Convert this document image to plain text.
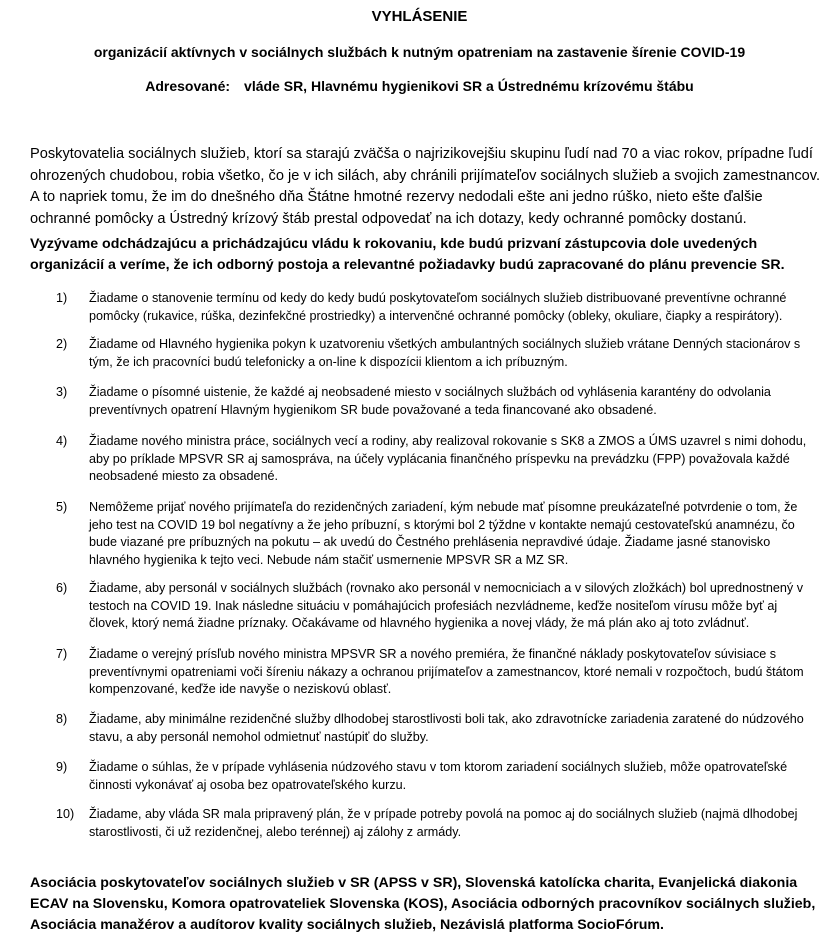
VYHLÁSENIE
organizácií aktívnych v sociálnych službách k nutným opatreniam na zastavenie šírenie COVID-19
Adresované: vláde SR, Hlavnému hygienikovi SR a Ústrednému krízovému štábu
Poskytovatelia sociálnych služieb, ktorí sa starajú zväčša o najrizikovejšiu skupinu ľudí nad 70 a viac rokov, prípadne ľudí ohrozených chudobou, robia všetko, čo je v ich silách, aby chránili prijímateľov sociálnych služieb a svojich zamestnancov. A to napriek tomu, že im do dnešného dňa Štátne hmotné rezervy nedodali ešte ani jedno rúško, nieto ešte ďalšie ochranné pomôcky a Ústredný krízový štáb prestal odpovedať na ich dotazy, kedy ochranné pomôcky dostanú.
Vyzývame odchádzajúcu a prichádzajúcu vládu k rokovaniu, kde budú prizvaní zástupcovia dole uvedených organizácií a veríme, že ich odborný postoja a relevantné požiadavky budú zapracované do plánu prevencie SR.
1)	Žiadame o stanovenie termínu od kedy do kedy budú poskytovateľom sociálnych služieb distribuované preventívne ochranné pomôcky (rukavice, rúška, dezinfekčné prostriedky) a intervenčné ochranné pomôcky (obleky, okuliare, čiapky a respirátory).
2)	Žiadame od Hlavného hygienika pokyn k uzatvoreniu všetkých ambulantných sociálnych služieb vrátane Denných stacionárov s tým, že ich pracovníci budú telefonicky a on-line k dispozícii klientom a ich príbuzným.
3)	Žiadame o písomné uistenie, že každé aj neobsadené miesto v sociálnych službách od vyhlásenia karantény do odvolania preventívnych opatrení Hlavným hygienikom SR bude považované a teda financované ako obsadené.
4)	Žiadame nového ministra práce, sociálnych vecí a rodiny, aby realizoval rokovanie s SK8 a ZMOS a ÚMS uzavrel s nimi dohodu, aby po príklade MPSVR SR aj samospráva, na účely vyplácania finančného príspevku na prevádzku (FPP) považovala každé neobsadené miesto za obsadené.
5)	Nemôžeme prijať nového prijímateľa do rezidenčných zariadení, kým nebude mať písomne preukázateľné potvrdenie o tom, že jeho test na COVID 19 bol negatívny a že jeho príbuzní, s ktorými bol 2 týždne v kontakte nemajú cestovateľskú anamnézu, čo bude viazané pre príbuzných na pokutu – ak uvedú do Čestného prehlásenia nepravdivé údaje. Žiadame jasné stanovisko hlavného hygienika k tejto veci. Nebude nám stačiť usmernenie MPSVR SR a MZ SR.
6)	Žiadame, aby personál v sociálnych službách (rovnako ako personál v nemocniciach a v silových zložkách) bol uprednostnený v testoch na COVID 19. Inak následne situáciu v pomáhajúcich profesiách nezvládneme, keďže nositeľom vírusu môže byť aj človek, ktorý nemá žiadne príznaky. Očakávame od hlavného hygienika a novej vlády, že má plán ako aj toto zvládnuť.
7)	Žiadame o verejný prísľub nového ministra MPSVR SR a nového premiéra, že finančné náklady poskytovateľov súvisiace s preventívnymi opatreniami voči šíreniu nákazy a ochranou prijímateľov a zamestnancov, ktoré nemali v rozpočtoch, budú štátom kompenzované, keďže ide navyše o neziskovú oblasť.
8)	Žiadame, aby minimálne rezidenčné služby dlhodobej starostlivosti boli tak, ako zdravotnícke zariadenia zaratené do núdzového stavu, a aby personál nemohol odmietnuť nastúpiť do služby.
9)	Žiadame o súhlas, že v prípade vyhlásenia núdzového stavu v tom ktorom zariadení sociálnych služieb, môže opatrovateľské činnosti vykonávať aj osoba bez opatrovateľského kurzu.
10)	Žiadame, aby vláda SR mala pripravený plán, že v prípade potreby povolá na pomoc aj do sociálnych služieb (najmä dlhodobej starostlivosti, či už rezidenčnej, alebo terénnej) aj zálohy z armády.
Asociácia poskytovateľov sociálnych služieb v SR (APSS v SR), Slovenská katolícka charita, Evanjelická diakonia ECAV na Slovensku, Komora opatrovateliek Slovenska (KOS), Asociácia odborných pracovníkov sociálnych služieb, Asociácia manažérov a audítorov kvality sociálnych služieb, Nezávislá platforma SocioFórum.
